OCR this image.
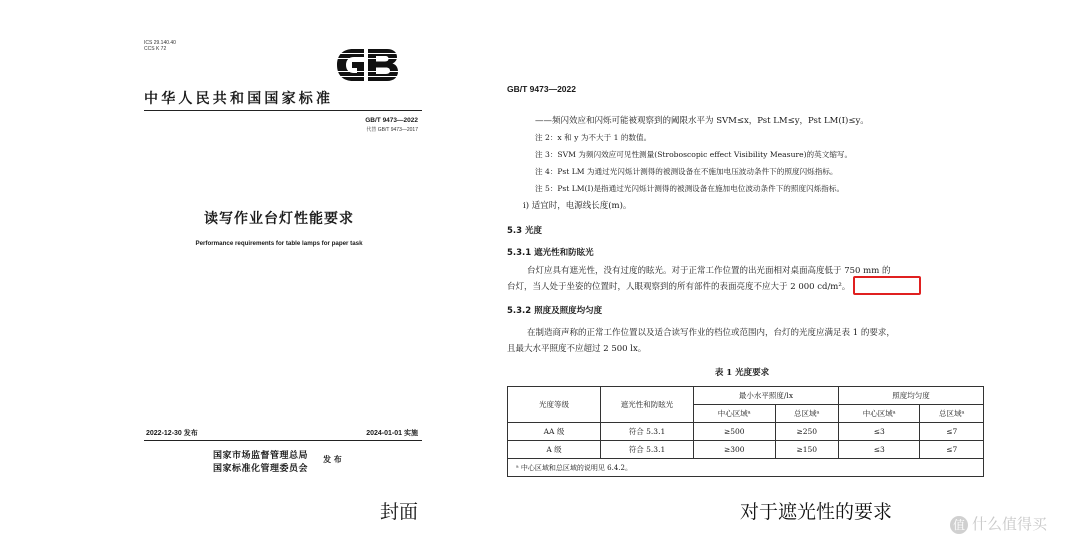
ICS 29.140.40
CCS K 72
中华人民共和国国家标准
GB/T 9473—2022
代替 GB/T 9473—2017
读写作业台灯性能要求
Performance requirements for table lamps for paper task
2022-12-30 发布	2024-01-01 实施
国家市场监督管理总局
国家标准化管理委员会
发 布
GB/T 9473—2022
——频闪效应和闪烁可能被观察到的阈限水平为 SVM≤x，Pst LM≤y，Pst LM(I)≤y。
注 2：x 和 y 为不大于 1 的数值。
注 3：SVM 为频闪效应可见性测量(Stroboscopic effect Visibility Measure)的英文缩写。
注 4：Pst LM 为通过光闪烁计测得的被测设备在不施加电压波动条件下的照度闪烁指标。
注 5：Pst LM(I)是指通过光闪烁计测得的被测设备在施加电位波动条件下的照度闪烁指标。
i) 适宜时，电源线长度(m)。
5.3 光度
5.3.1 遮光性和防眩光
台灯应具有遮光性，没有过度的眩光。对于正常工作位置的出光面相对桌面高度低于 750 mm 的
台灯，当人处于坐姿的位置时，人眼观察到的所有部件的表面亮度不应大于 2 000 cd/m²。
5.3.2 照度及照度均匀度
在制造商声称的正常工作位置以及适合读写作业的档位或范围内，台灯的光度应满足表 1 的要求，
且最大水平照度不应超过 2 500 lx。
表 1 光度要求
光度等级	遮光性和防眩光	最小水平照度/lx		照度均匀度	
		中心区域ᵃ	总区域ᵃ	中心区域ᵃ	总区域ᵃ
AA 级	符合 5.3.1	≥500	≥250	≤3	≤7
A 级	符合 5.3.1	≥300	≥150	≤3	≤7
ᵃ 中心区域和总区域的说明见 6.4.2。					
封面	对于遮光性的要求
值 什么值得买
